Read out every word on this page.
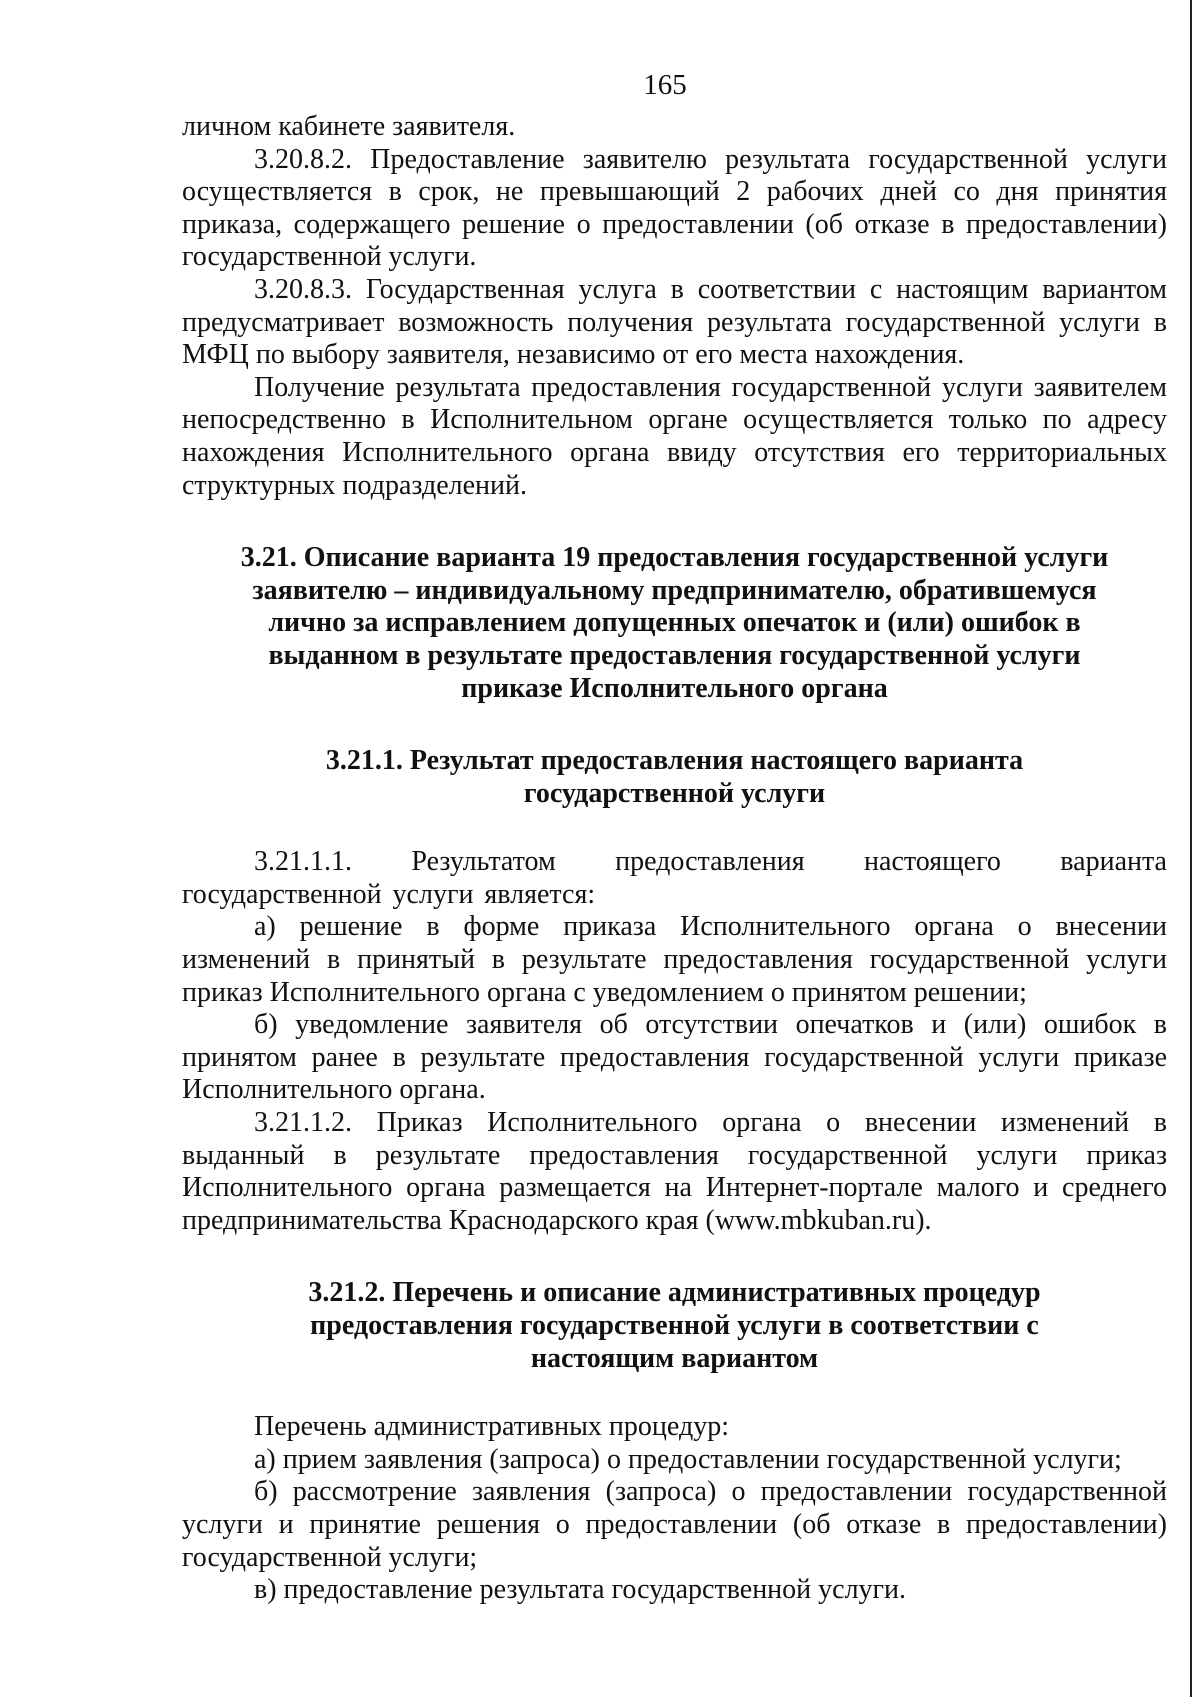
165

личном кабинете заявителя.

3.20.8.2. Предоставление заявителю результата государственной услуги осуществляется в срок, не превышающий 2 рабочих дней со дня принятия приказа, содержащего решение о предоставлении (об отказе в предоставлении) государственной услуги.

3.20.8.3. Государственная услуга в соответствии с настоящим вариантом предусматривает возможность получения результата государственной услуги в МФЦ по выбору заявителя, независимо от его места нахождения.

Получение результата предоставления государственной услуги заявителем непосредственно в Исполнительном органе осуществляется только по адресу нахождения Исполнительного органа ввиду отсутствия его территориальных структурных подразделений.

3.21. Описание варианта 19 предоставления государственной услуги заявителю – индивидуальному предпринимателю, обратившемуся лично за исправлением допущенных опечаток и (или) ошибок в выданном в результате предоставления государственной услуги приказе Исполнительного органа
3.21.1. Результат предоставления настоящего варианта государственной услуги

3.21.1.1. Результатом предоставления настоящего варианта государственной услуги является:

а) решение в форме приказа Исполнительного органа о внесении изменений в принятый в результате предоставления государственной услуги приказ Исполнительного органа с уведомлением о принятом решении;

б) уведомление заявителя об отсутствии опечатков и (или) ошибок в принятом ранее в результате предоставления государственной услуги приказе Исполнительного органа.

3.21.1.2. Приказ Исполнительного органа о внесении изменений в выданный в результате предоставления государственной услуги приказ Исполнительного органа размещается на Интернет-портале малого и среднего предпринимательства Краснодарского края (www.mbkuban.ru).

3.21.2. Перечень и описание административных процедур предоставления государственной услуги в соответствии с настоящим вариантом

Перечень административных процедур:

а) прием заявления (запроса) о предоставлении государственной услуги;

б) рассмотрение заявления (запроса) о предоставлении государственной услуги и принятие решения о предоставлении (об отказе в предоставлении) государственной услуги;

в) предоставление результата государственной услуги.
